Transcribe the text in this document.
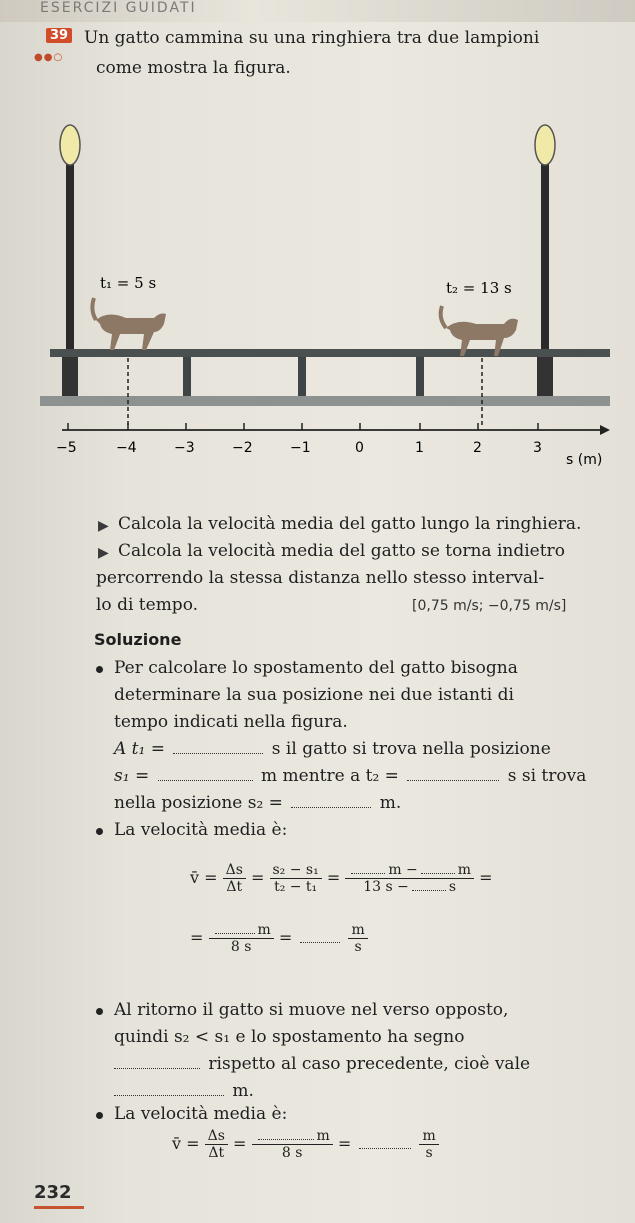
ESERCIZI GUIDATI
39
●●○
Un gatto cammina su una ringhiera tra due lampioni
come mostra la figura.
t₁ = 5 s	t₂ = 13 s
−5	−4	−3	−2	−1	0	1	2	3
s (m)
▶ Calcola la velocità media del gatto lungo la ringhiera.
▶ Calcola la velocità media del gatto se torna indietro
percorrendo la stessa distanza nello stesso interval-
lo di tempo.	[0,75 m/s; −0,75 m/s]
Soluzione
Per calcolare lo spostamento del gatto bisogna
determinare la sua posizione nei due istanti di
tempo indicati nella figura.
A t₁ =	s il gatto si trova nella posizione
s₁ =	m mentre a t₂ =	s si trova
nella posizione s₂ =	m.
La velocità media è:
v̄ = $\frac{\Delta s}{\Delta t} = \frac{\text{s₂ − s₁}}{\text{t₂ − t₁}} = m$ −	m
13 s −	s =
= $\frac{m}{8 s}$ =	$\frac{m}{s}$
Al ritorno il gatto si muove nel verso opposto,
quindi s₂ < s₁ e lo spostamento ha segno
rispetto al caso precedente, cioè vale
m.
La velocità media è:
v̄ = $\frac{\Delta s}{\Delta t} = \frac{m}{8 s}$ =	$\frac{m}{s}$
232
